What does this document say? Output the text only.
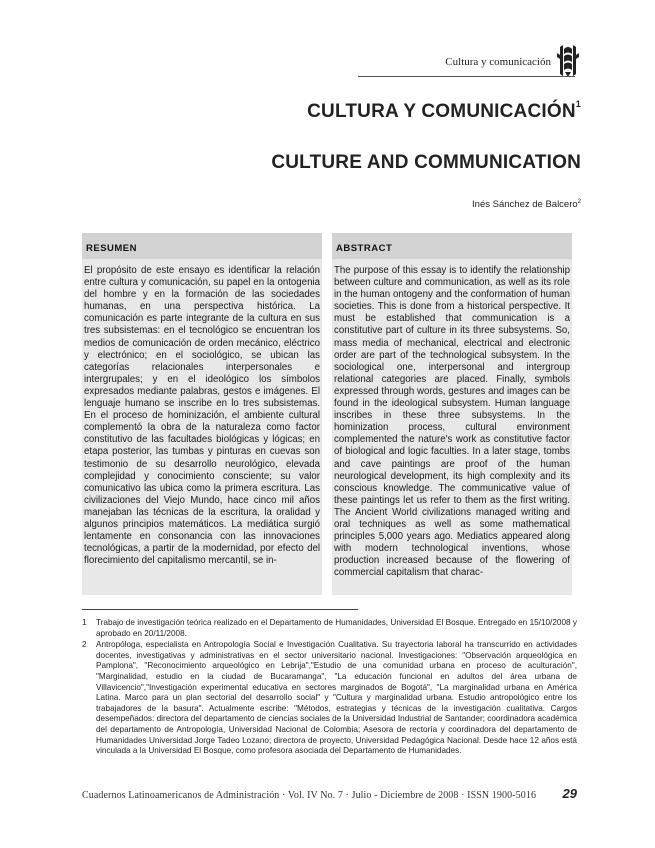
Cultura y comunicación
CULTURA Y COMUNICACIÓN$^1$
CULTURE AND COMMUNICATION
Inés Sánchez de Balcero$^2$
RESUMEN
El propósito de este ensayo es identificar la relación entre cultura y comunicación, su papel en la ontogenia del hombre y en la formación de las sociedades humanas, en una perspectiva histórica. La comunicación es parte integrante de la cultura en sus tres subsistemas: en el tecnológico se encuentran los medios de comunicación de orden mecánico, eléctrico y electrónico; en el sociológico, se ubican las categorías relacionales interpersonales e intergrupales; y en el ideológico los símbolos expresados mediante palabras, gestos e imágenes. El lenguaje humano se inscribe en lo tres subsistemas. En el proceso de hominización, el ambiente cultural complementó la obra de la naturaleza como factor constitutivo de las facultades biológicas y lógicas; en etapa posterior, las tumbas y pinturas en cuevas son testimonio de su desarrollo neurológico, elevada complejidad y conocimiento consciente; su valor comunicativo las ubica como la primera escritura. Las civilizaciones del Viejo Mundo, hace cinco mil años manejaban las técnicas de la escritura, la oralidad y algunos principios matemáticos. La mediática surgió lentamente en consonancia con las innovaciones tecnológicas, a partir de la modernidad, por efecto del florecimiento del capitalismo mercantil, se in-
ABSTRACT
The purpose of this essay is to identify the relationship between culture and communication, as well as its role in the human ontogeny and the conformation of human societies. This is done from a historical perspective. It must be established that communication is a constitutive part of culture in its three subsystems. So, mass media of mechanical, electrical and electronic order are part of the technological subsystem. In the sociological one, interpersonal and intergroup relational categories are placed. Finally, symbols expressed through words, gestures and images can be found in the ideological subsystem. Human language inscribes in these three subsystems. In the hominization process, cultural environment complemented the nature's work as constitutive factor of biological and logic faculties. In a later stage, tombs and cave paintings are proof of the human neurological development, its high complexity and its conscious knowledge. The communicative value of these paintings let us refer to them as the first writing. The Ancient World civilizations managed writing and oral techniques as well as some mathematical principles 5,000 years ago. Mediatics appeared along with modern technological inventions, whose production increased because of the flowering of commercial capitalism that charac-
1	Trabajo de investigación teórica realizado en el Departamento de Humanidades, Universidad El Bosque. Entregado en 15/10/2008 y aprobado en 20/11/2008.
2	Antropóloga, especialista en Antropología Social e Investigación Cualitativa. Su trayectoria laboral ha transcurrido en actividades docentes, investigativas y administrativas en el sector universitario nacional. Investigaciones: "Observación arqueológica en Pamplona", "Reconocimiento arqueológico en Lebrija","Estudio de una comunidad urbana en proceso de aculturación", "Marginalidad, estudio en la ciudad de Bucaramanga", "La educación funcional en adultos del área urbana de Villavicencio","Investigación experimental educativa en sectores marginados de Bogotá", "La marginalidad urbana en América Latina. Marco para un plan sectorial del desarrollo social" y "Cultura y marginalidad urbana. Estudio antropológico entre los trabajadores de la basura". Actualmente escribe: "Métodos, estrategias y técnicas de la investigación cualitativa. Cargos desempeñados: directora del departamento de ciencias sociales de la Universidad Industrial de Santander; coordinadora académica del departamento de Antropología, Universidad Nacional de Colombia; Asesora de rectoría y coordinadora del departamento de Humanidades Universidad Jorge Tadeo Lozano; directora de proyecto, Universidad Pedagógica Nacional. Desde hace 12 años está vinculada a la Universidad El Bosque, como profesora asociada del Departamento de Humanidades.
Cuadernos Latinoamericanos de Administración · Vol. IV No. 7 · Julio - Diciembre de 2008 · ISSN 1900-5016 29
